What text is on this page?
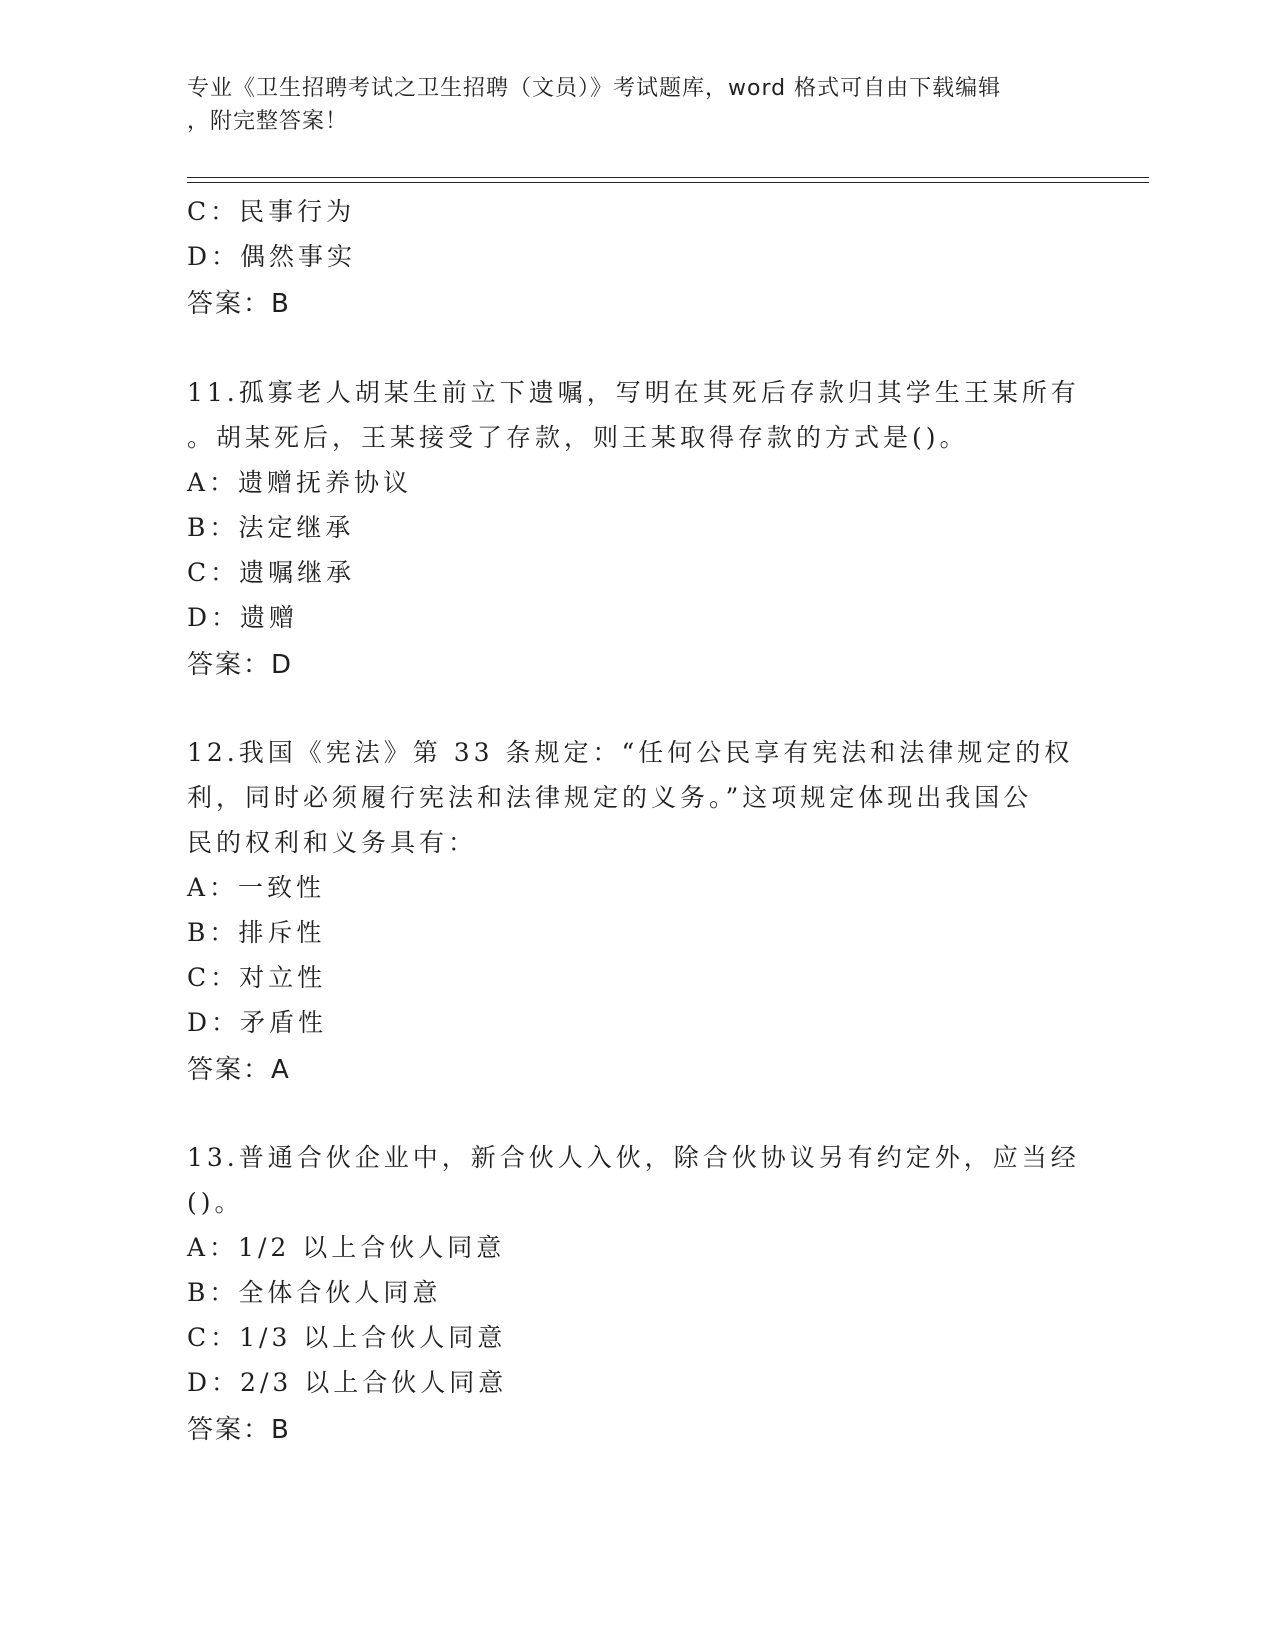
专业《卫生招聘考试之卫生招聘（文员）》考试题库，word 格式可自由下载编辑
，附完整答案！
C：民事行为
D：偶然事实
答案：B
11.孤寡老人胡某生前立下遗嘱，写明在其死后存款归其学生王某所有
。胡某死后，王某接受了存款，则王某取得存款的方式是()。
A：遗赠抚养协议
B：法定继承
C：遗嘱继承
D：遗赠
答案：D
12.我国《宪法》第 33 条规定：“任何公民享有宪法和法律规定的权
利，同时必须履行宪法和法律规定的义务。”这项规定体现出我国公
民的权利和义务具有：
A：一致性
B：排斥性
C：对立性
D：矛盾性
答案：A
13.普通合伙企业中，新合伙人入伙，除合伙协议另有约定外，应当经
()。
A：1/2 以上合伙人同意
B：全体合伙人同意
C：1/3 以上合伙人同意
D：2/3 以上合伙人同意
答案：B
